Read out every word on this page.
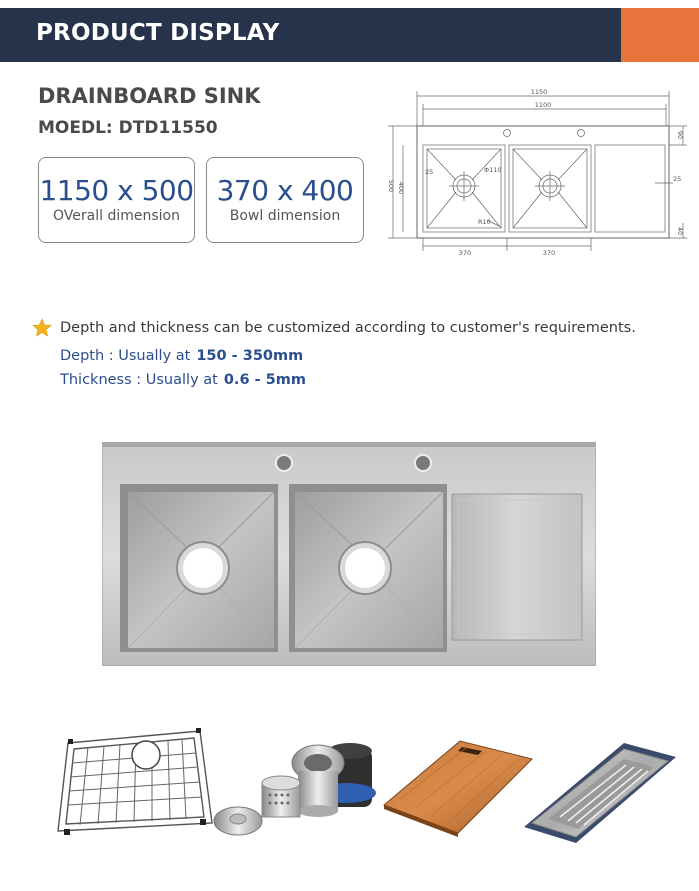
PRODUCT DISPLAY
DRAINBOARD SINK
MOEDL: DTD11550
1150 x 500
OVerall dimension
370 x 400
Bowl dimension
1150
1100
500 400
90
25
40
25	Φ110
R10
370	370
Depth and thickness can be customized according to customer's requirements.
Depth : Usually at 150 - 350mm
Thickness : Usually at 0.6 - 5mm
